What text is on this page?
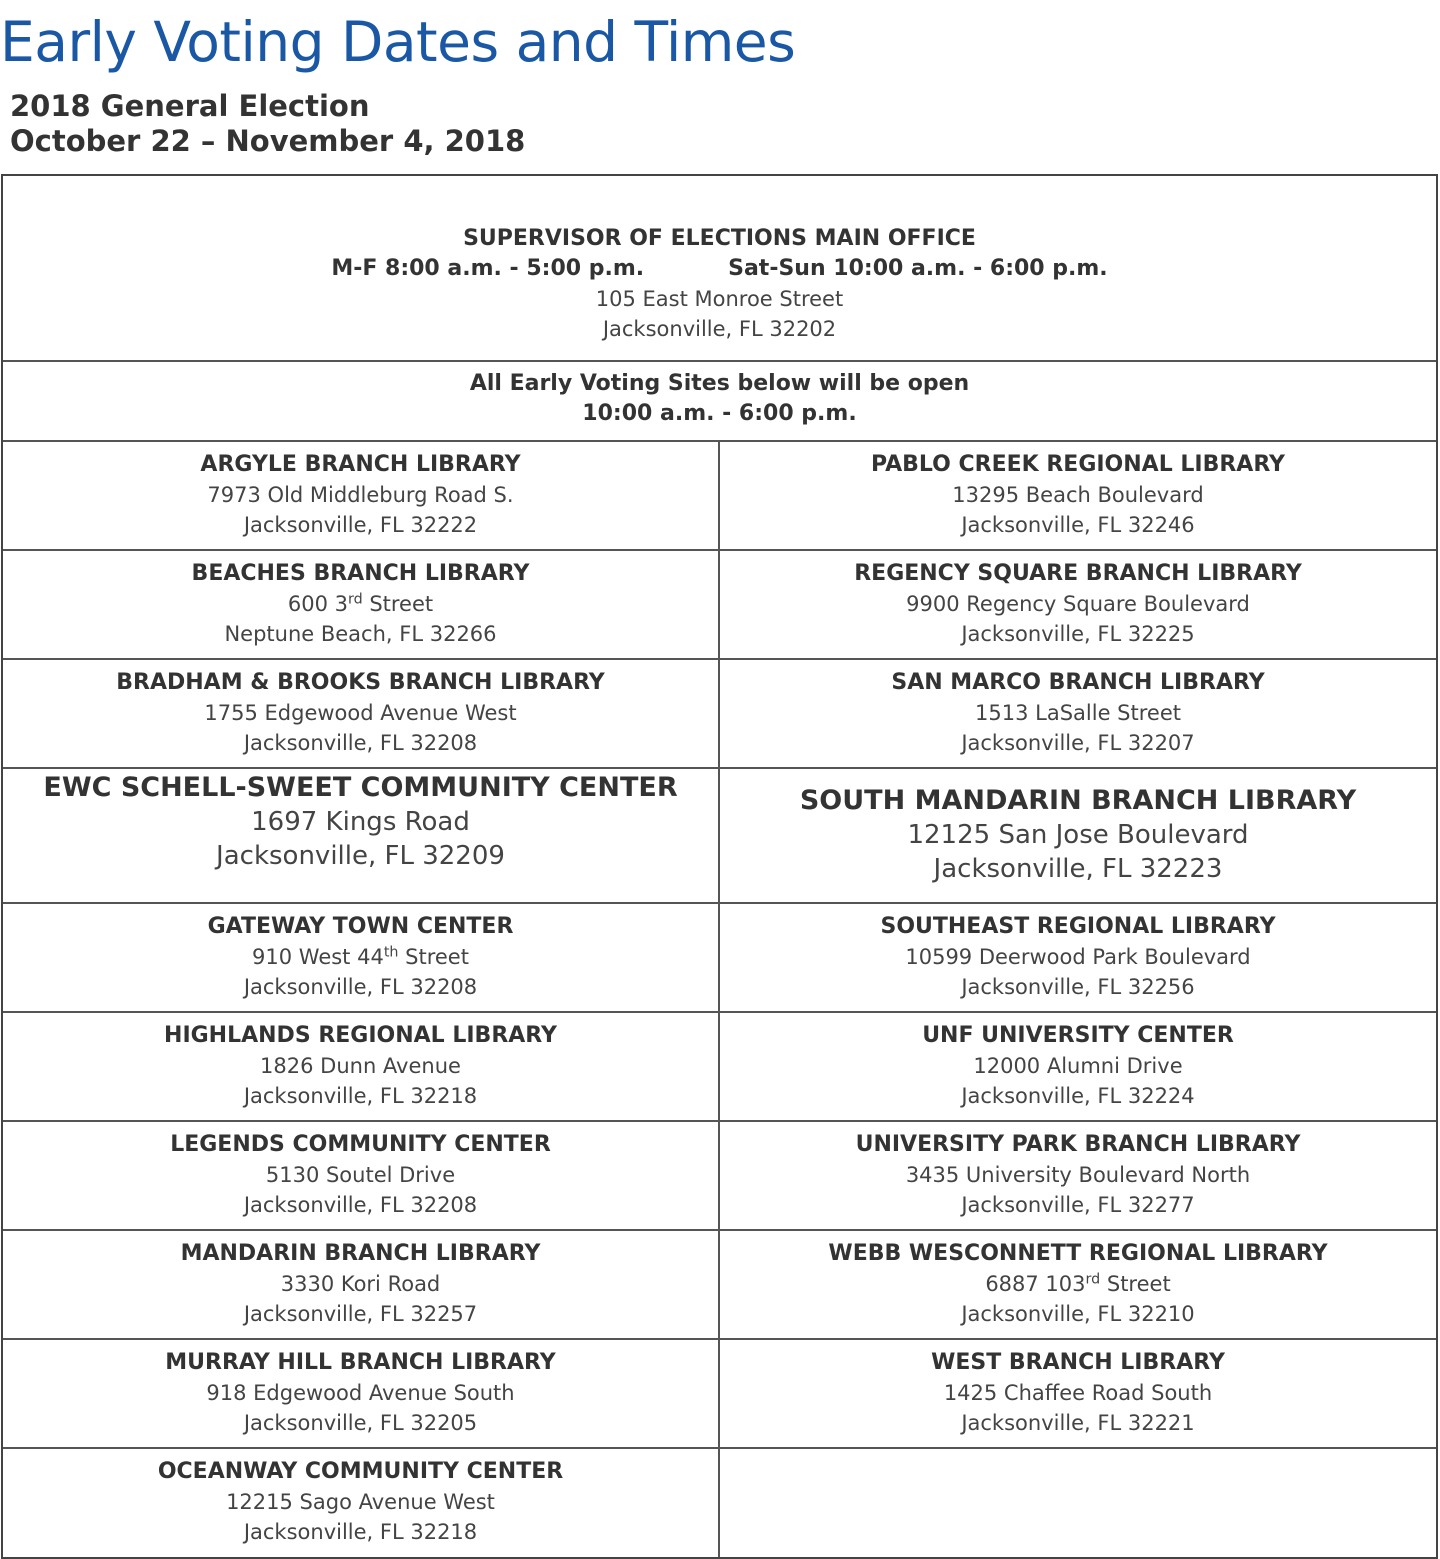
Early Voting Dates and Times
2018 General Election
October 22 – November 4, 2018
SUPERVISOR OF ELECTIONS MAIN OFFICE
M-F 8:00 a.m. - 5:00 p.m.	Sat-Sun 10:00 a.m. - 6:00 p.m.
105 East Monroe Street
Jacksonville, FL 32202
All Early Voting Sites below will be open
10:00 a.m. - 6:00 p.m.
ARGYLE BRANCH LIBRARY
7973 Old Middleburg Road S.
Jacksonville, FL 32222
PABLO CREEK REGIONAL LIBRARY
13295 Beach Boulevard
Jacksonville, FL 32246
BEACHES BRANCH LIBRARY
600 3rd Street
Neptune Beach, FL 32266
REGENCY SQUARE BRANCH LIBRARY
9900 Regency Square Boulevard
Jacksonville, FL 32225
BRADHAM & BROOKS BRANCH LIBRARY
1755 Edgewood Avenue West
Jacksonville, FL 32208
SAN MARCO BRANCH LIBRARY
1513 LaSalle Street
Jacksonville, FL 32207
EWC SCHELL-SWEET COMMUNITY CENTER
1697 Kings Road
Jacksonville, FL 32209
SOUTH MANDARIN BRANCH LIBRARY
12125 San Jose Boulevard
Jacksonville, FL 32223
GATEWAY TOWN CENTER
910 West 44th Street
Jacksonville, FL 32208
SOUTHEAST REGIONAL LIBRARY
10599 Deerwood Park Boulevard
Jacksonville, FL 32256
HIGHLANDS REGIONAL LIBRARY
1826 Dunn Avenue
Jacksonville, FL 32218
UNF UNIVERSITY CENTER
12000 Alumni Drive
Jacksonville, FL 32224
LEGENDS COMMUNITY CENTER
5130 Soutel Drive
Jacksonville, FL 32208
UNIVERSITY PARK BRANCH LIBRARY
3435 University Boulevard North
Jacksonville, FL 32277
MANDARIN BRANCH LIBRARY
3330 Kori Road
Jacksonville, FL 32257
WEBB WESCONNETT REGIONAL LIBRARY
6887 103rd Street
Jacksonville, FL 32210
MURRAY HILL BRANCH LIBRARY
918 Edgewood Avenue South
Jacksonville, FL 32205
WEST BRANCH LIBRARY
1425 Chaffee Road South
Jacksonville, FL 32221
OCEANWAY COMMUNITY CENTER
12215 Sago Avenue West
Jacksonville, FL 32218
